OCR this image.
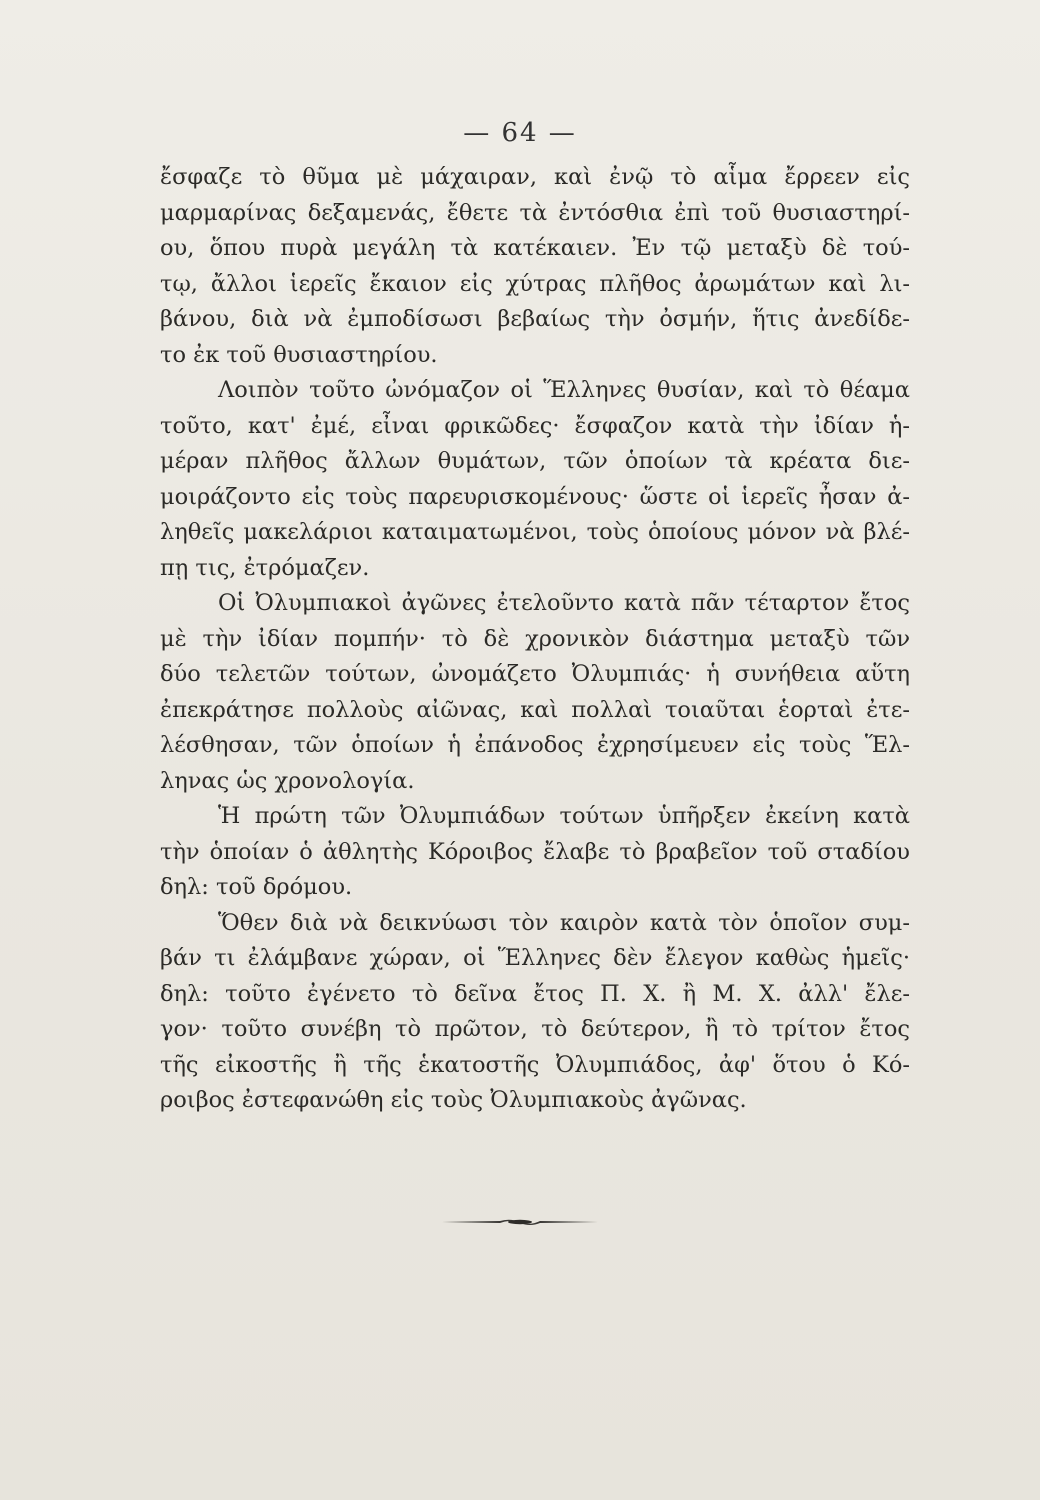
— 64 —
ἔσφαζε τὸ θῦμα μὲ μάχαιραν, καὶ ἐνῷ τὸ αἷμα ἔρρεεν εἰς
μαρμαρίνας δεξαμενάς, ἔθετε τὰ ἐντόσθια ἐπὶ τοῦ θυσιαστηρί-
ου, ὅπου πυρὰ μεγάλη τὰ κατέκαιεν. Ἐν τῷ μεταξὺ δὲ τού-
τῳ, ἄλλοι ἱερεῖς ἔκαιον εἰς χύτρας πλῆθος ἀρωμάτων καὶ λι-
βάνου, διὰ νὰ ἐμποδίσωσι βεβαίως τὴν ὀσμήν, ἥτις ἀνεδίδε-
το ἐκ τοῦ θυσιαστηρίου.
Λοιπὸν τοῦτο ὠνόμαζον οἱ Ἕλληνες θυσίαν, καὶ τὸ θέαμα
τοῦτο, κατ' ἐμέ, εἶναι φρικῶδες· ἔσφαζον κατὰ τὴν ἰδίαν ἡ-
μέραν πλῆθος ἄλλων θυμάτων, τῶν ὁποίων τὰ κρέατα διε-
μοιράζοντο εἰς τοὺς παρευρισκομένους· ὥστε οἱ ἱερεῖς ἦσαν ἀ-
ληθεῖς μακελάριοι καταιματωμένοι, τοὺς ὁποίους μόνον νὰ βλέ-
πῃ τις, ἐτρόμαζεν.
Οἱ Ὀλυμπιακοὶ ἀγῶνες ἐτελοῦντο κατὰ πᾶν τέταρτον ἔτος
μὲ τὴν ἰδίαν πομπήν· τὸ δὲ χρονικὸν διάστημα μεταξὺ τῶν
δύο τελετῶν τούτων, ὠνομάζετο Ὀλυμπιάς· ἡ συνήθεια αὕτη
ἐπεκράτησε πολλοὺς αἰῶνας, καὶ πολλαὶ τοιαῦται ἑορταὶ ἐτε-
λέσθησαν, τῶν ὁποίων ἡ ἐπάνοδος ἐχρησίμευεν εἰς τοὺς Ἕλ-
ληνας ὡς χρονολογία.
Ἡ πρώτη τῶν Ὀλυμπιάδων τούτων ὑπῆρξεν ἐκείνη κατὰ
τὴν ὁποίαν ὁ ἀθλητὴς Κόροιβος ἔλαβε τὸ βραβεῖον τοῦ σταδίου
δηλ: τοῦ δρόμου.
Ὅθεν διὰ νὰ δεικνύωσι τὸν καιρὸν κατὰ τὸν ὁποῖον συμ-
βάν τι ἐλάμβανε χώραν, οἱ Ἕλληνες δὲν ἔλεγον καθὼς ἡμεῖς·
δηλ: τοῦτο ἐγένετο τὸ δεῖνα ἔτος Π. Χ. ἢ Μ. Χ. ἀλλ' ἔλε-
γον· τοῦτο συνέβη τὸ πρῶτον, τὸ δεύτερον, ἢ τὸ τρίτον ἔτος
τῆς εἰκοστῆς ἢ τῆς ἑκατοστῆς Ὀλυμπιάδος, ἀφ' ὅτου ὁ Κό-
ροιβος ἐστεφανώθη εἰς τοὺς Ὀλυμπιακοὺς ἀγῶνας.
